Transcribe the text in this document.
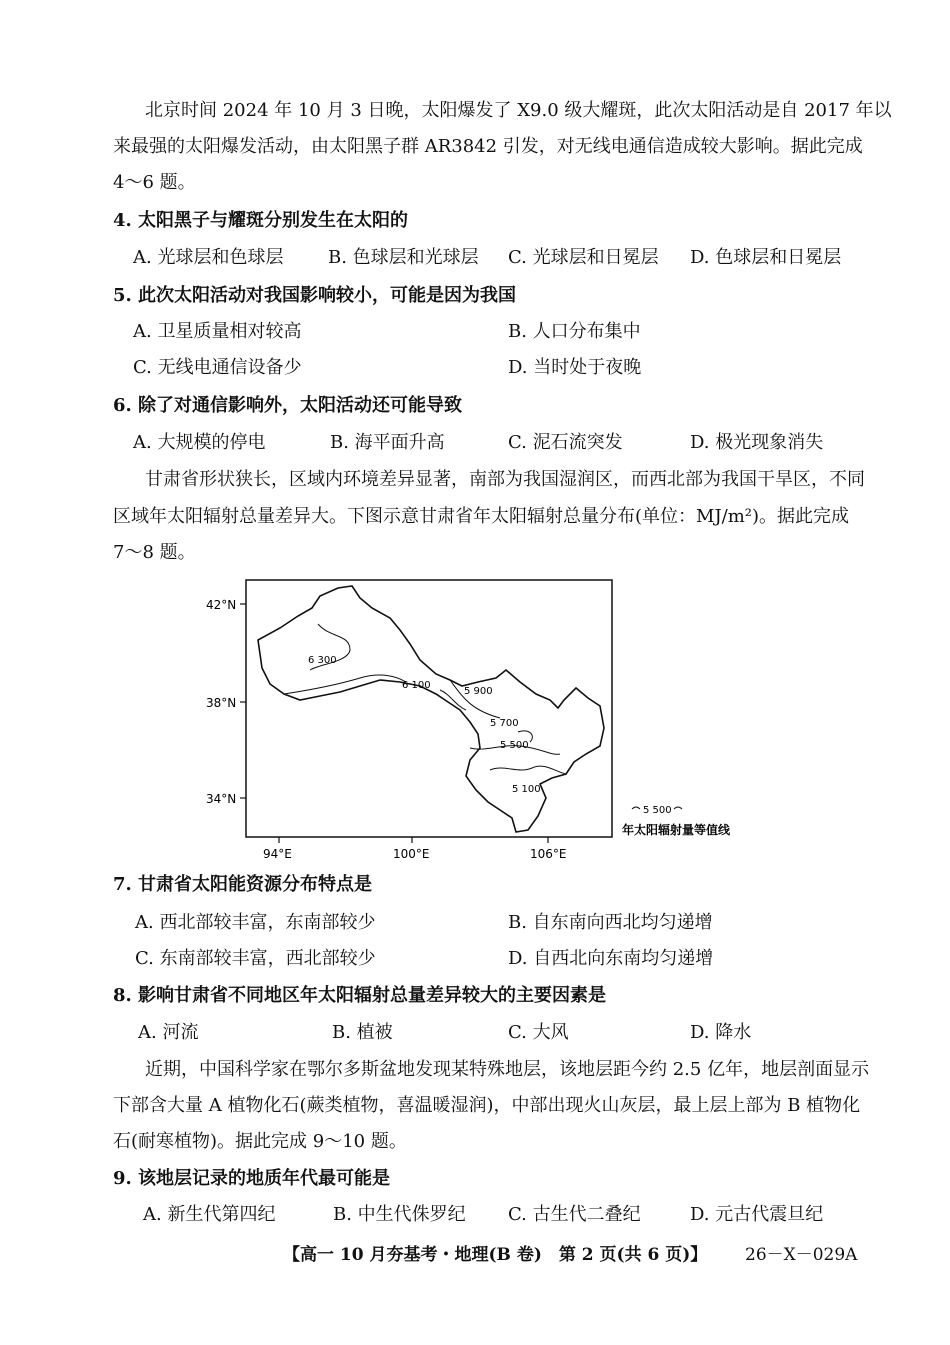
北京时间 2024 年 10 月 3 日晚，太阳爆发了 X9.0 级大耀斑，此次太阳活动是自 2017 年以
来最强的太阳爆发活动，由太阳黑子群 AR3842 引发，对无线电通信造成较大影响。据此完成
4～6 题。
4. 太阳黑子与耀斑分别发生在太阳的
A. 光球层和色球层 B. 色球层和光球层 C. 光球层和日冕层 D. 色球层和日冕层
5. 此次太阳活动对我国影响较小，可能是因为我国
A. 卫星质量相对较高	B. 人口分布集中
C. 无线电通信设备少	D. 当时处于夜晚
6. 除了对通信影响外，太阳活动还可能导致
A. 大规模的停电	B. 海平面升高	C. 泥石流突发	D. 极光现象消失
甘肃省形状狭长，区域内环境差异显著，南部为我国湿润区，而西北部为我国干旱区，不同
区域年太阳辐射总量差异大。下图示意甘肃省年太阳辐射总量分布(单位：MJ/m²)。据此完成
7～8 题。
42°N
38°N
34°N
94°E	100°E	106°E
6 300
6 100
5 900
5 700
5 500
5 100
5 500
年太阳辐射量等值线
7. 甘肃省太阳能资源分布特点是
A. 西北部较丰富，东南部较少	B. 自东南向西北均匀递增
C. 东南部较丰富，西北部较少	D. 自西北向东南均匀递增
8. 影响甘肃省不同地区年太阳辐射总量差异较大的主要因素是
A. 河流	B. 植被	C. 大风	D. 降水
近期，中国科学家在鄂尔多斯盆地发现某特殊地层，该地层距今约 2.5 亿年，地层剖面显示
下部含大量 A 植物化石(蕨类植物，喜温暖湿润)，中部出现火山灰层，最上层上部为 B 植物化
石(耐寒植物)。据此完成 9～10 题。
9. 该地层记录的地质年代最可能是
A. 新生代第四纪	B. 中生代侏罗纪 C. 古生代二叠纪	D. 元古代震旦纪
【高一 10 月夯基考・地理(B 卷)　第 2 页(共 6 页)】 26－X－029A
